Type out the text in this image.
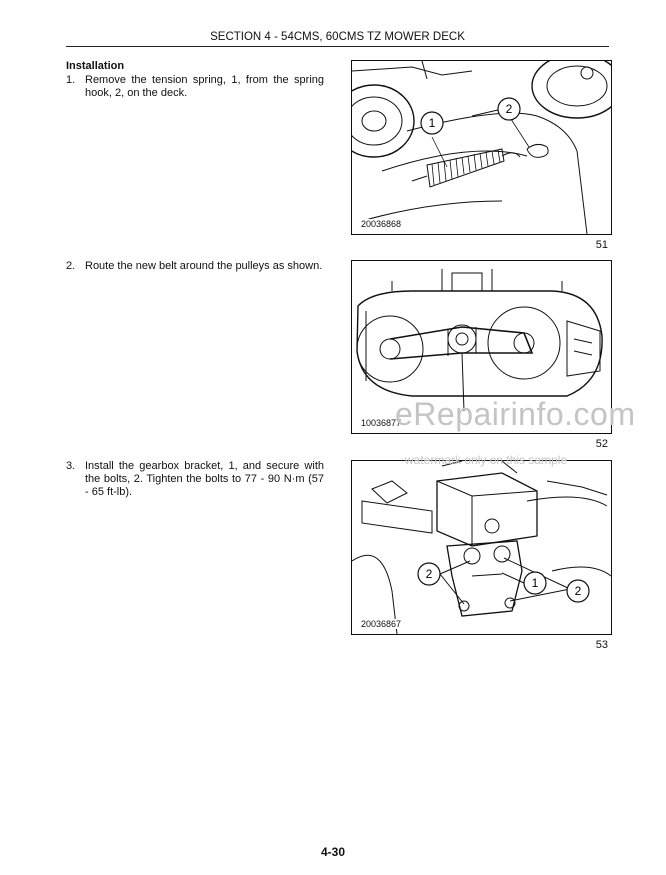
SECTION 4 - 54CMS, 60CMS TZ MOWER DECK
Installation
1. Remove the tension spring, 1, from the spring hook, 2, on the deck.
1
2
20036868
51
2. Route the new belt around the pulleys as shown.
10036877
52
3. Install the gearbox bracket, 1, and secure with the bolts, 2. Tighten the bolts to 77 - 90 N·m (57 - 65 ft-lb).
2
1
2
20036867
53
eRepairinfo.com
watermark only on this sample
4-30
